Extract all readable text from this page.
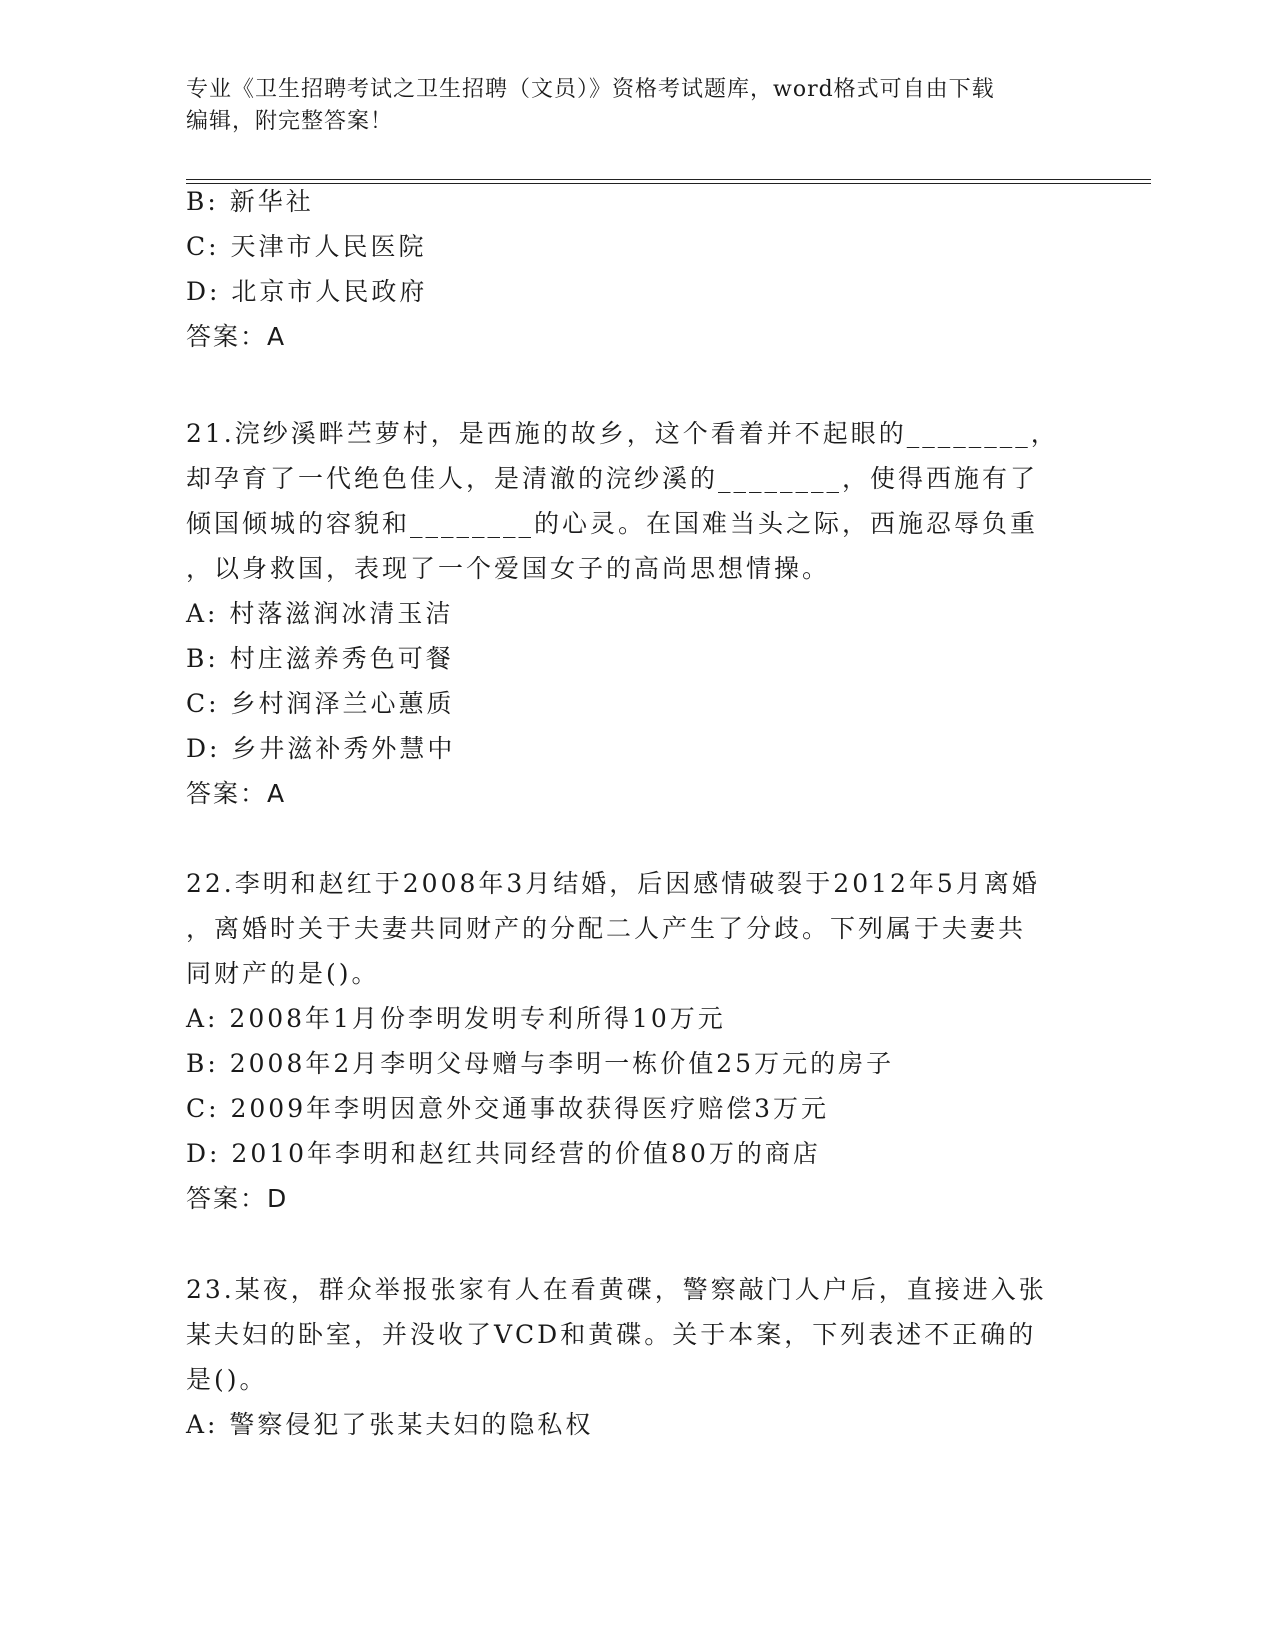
专业《卫生招聘考试之卫生招聘（文员）》资格考试题库，word格式可自由下载
编辑，附完整答案！
B: 新华社
C: 天津市人民医院
D: 北京市人民政府
答案：A
21.浣纱溪畔苎萝村，是西施的故乡，这个看着并不起眼的________，
却孕育了一代绝色佳人，是清澈的浣纱溪的________，使得西施有了
倾国倾城的容貌和________的心灵。在国难当头之际，西施忍辱负重
，以身救国，表现了一个爱国女子的高尚思想情操。
A: 村落滋润冰清玉洁
B: 村庄滋养秀色可餐
C: 乡村润泽兰心蕙质
D: 乡井滋补秀外慧中
答案：A
22.李明和赵红于2008年3月结婚，后因感情破裂于2012年5月离婚
，离婚时关于夫妻共同财产的分配二人产生了分歧。下列属于夫妻共
同财产的是()。
A: 2008年1月份李明发明专利所得10万元
B: 2008年2月李明父母赠与李明一栋价值25万元的房子
C: 2009年李明因意外交通事故获得医疗赔偿3万元
D: 2010年李明和赵红共同经营的价值80万的商店
答案：D
23.某夜，群众举报张家有人在看黄碟，警察敲门人户后，直接进入张
某夫妇的卧室，并没收了VCD和黄碟。关于本案，下列表述不正确的
是()。
A: 警察侵犯了张某夫妇的隐私权
